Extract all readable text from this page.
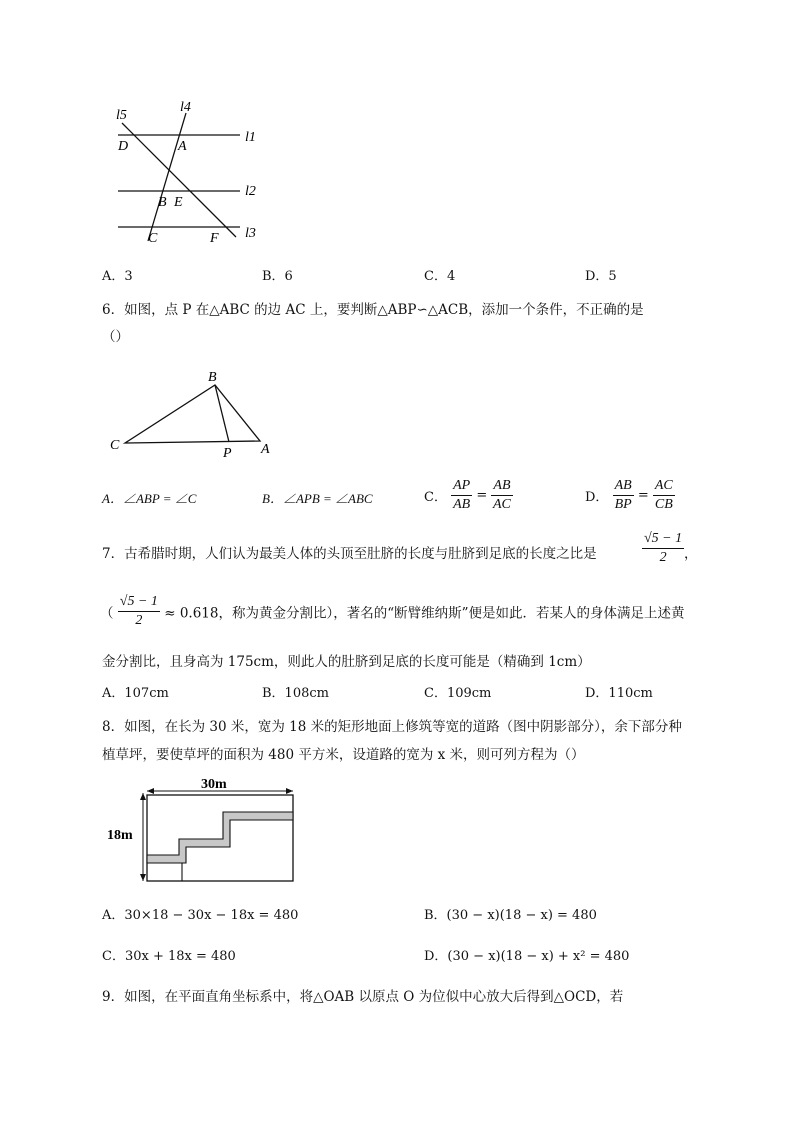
l5
l4
l1
l2
l3
D	A
B E
C	F
A．3	B．6	C．4	D．5
6．如图，点 P 在△ABC 的边 AC 上，要判断△ABP∽△ACB，添加一个条件，不正确的是
（）
B
C
P A
A．∠ABP = ∠C	B．∠APB = ∠ABC	C． $\frac{AP}{AB} = \frac{AB}{AC}$	D． $\frac{AB}{BP} = \frac{AC}{CB}$
7．古希腊时期，人们认为最美人体的头顶至肚脐的长度与肚脐到足底的长度之比是	$\frac{√5 - 1}{2}$ ，
（ $\frac{√5 - 1}{2} \approx 0.618$，称为黄金分割比），著名的“断臂维纳斯”便是如此．若某人的身体满足上述黄
金分割比，且身高为 175cm，则此人的肚脐到足底的长度可能是（精确到 1cm）
A．107cm	B．108cm	C．109cm	D．110cm
8．如图，在长为 30 米，宽为 18 米的矩形地面上修筑等宽的道路（图中阴影部分），余下部分种
植草坪，要使草坪的面积为 480 平方米，设道路的宽为 x 米，则可列方程为（）
30m
18m
A．30×18 − 30x − 18x = 480	B．(30 − x)(18 − x) = 480
C．30x + 18x = 480	D．(30 − x)(18 − x) + x² = 480
9．如图，在平面直角坐标系中，将△OAB 以原点 O 为位似中心放大后得到△OCD，若
